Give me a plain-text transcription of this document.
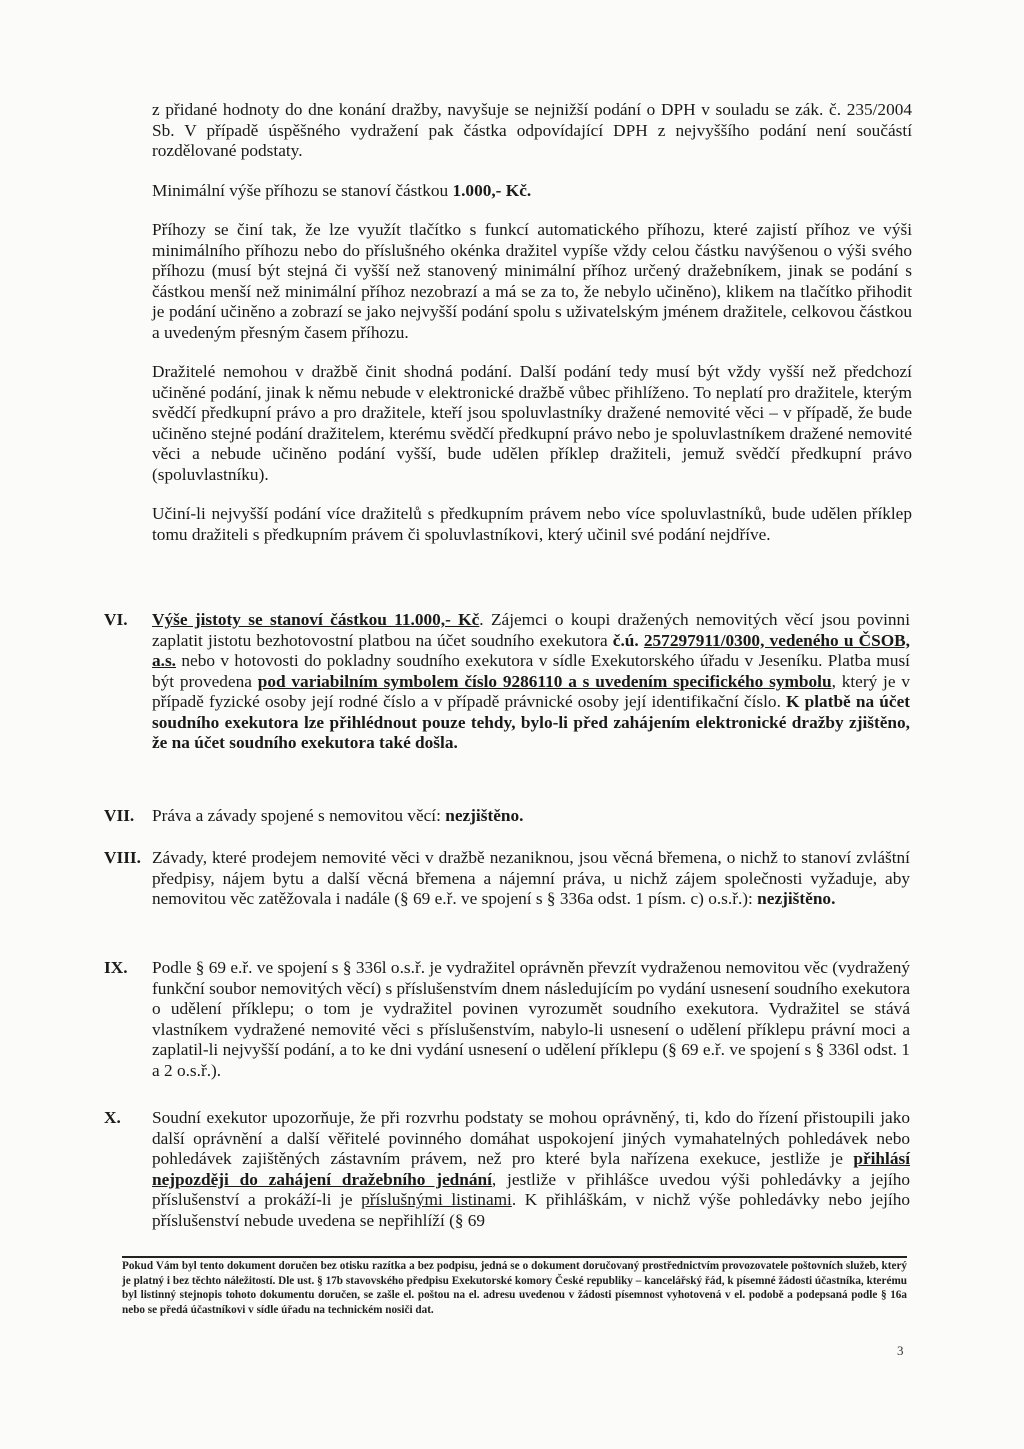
z přidané hodnoty do dne konání dražby, navyšuje se nejnižší podání o DPH v souladu se zák. č. 235/2004 Sb. V případě úspěšného vydražení pak částka odpovídající DPH z nejvyššího podání není součástí rozdělované podstaty.

Minimální výše příhozu se stanoví částkou 1.000,- Kč.

Příhozy se činí tak, že lze využít tlačítko s funkcí automatického příhozu, které zajistí příhoz ve výši minimálního příhozu nebo do příslušného okénka dražitel vypíše vždy celou částku navýšenou o výši svého příhozu (musí být stejná či vyšší než stanovený minimální příhoz určený dražebníkem, jinak se podání s částkou menší než minimální příhoz nezobrazí a má se za to, že nebylo učiněno), klikem na tlačítko přihodit je podání učiněno a zobrazí se jako nejvyšší podání spolu s uživatelským jménem dražitele, celkovou částkou a uvedeným přesným časem příhozu.

Dražitelé nemohou v dražbě činit shodná podání. Další podání tedy musí být vždy vyšší než předchozí učiněné podání, jinak k němu nebude v elektronické dražbě vůbec přihlíženo. To neplatí pro dražitele, kterým svědčí předkupní právo a pro dražitele, kteří jsou spoluvlastníky dražené nemovité věci – v případě, že bude učiněno stejné podání dražitelem, kterému svědčí předkupní právo nebo je spoluvlastníkem dražené nemovité věci a nebude učiněno podání vyšší, bude udělen příklep dražiteli, jemuž svědčí předkupní právo (spoluvlastníku).

Učiní-li nejvyšší podání více dražitelů s předkupním právem nebo více spoluvlastníků, bude udělen příklep tomu dražiteli s předkupním právem či spoluvlastníkovi, který učinil své podání nejdříve.

VI. Výše jistoty se stanoví částkou 11.000,- Kč. Zájemci o koupi dražených nemovitých věcí jsou povinni zaplatit jistotu bezhotovostní platbou na účet soudního exekutora č.ú. 257297911/0300, vedeného u ČSOB, a.s. nebo v hotovosti do pokladny soudního exekutora v sídle Exekutorského úřadu v Jeseníku. Platba musí být provedena pod variabilním symbolem číslo 9286110 a s uvedením specifického symbolu, který je v případě fyzické osoby její rodné číslo a v případě právnické osoby její identifikační číslo. K platbě na účet soudního exekutora lze přihlédnout pouze tehdy, bylo-li před zahájením elektronické dražby zjištěno, že na účet soudního exekutora také došla.
VII. Práva a závady spojené s nemovitou věcí: nezjištěno.
VIII. Závady, které prodejem nemovité věci v dražbě nezaniknou, jsou věcná břemena, o nichž to stanoví zvláštní předpisy, nájem bytu a další věcná břemena a nájemní práva, u nichž zájem společnosti vyžaduje, aby nemovitou věc zatěžovala i nadále (§ 69 e.ř. ve spojení s § 336a odst. 1 písm. c) o.s.ř.): nezjištěno.
IX. Podle § 69 e.ř. ve spojení s § 336l o.s.ř. je vydražitel oprávněn převzít vydraženou nemovitou věc (vydražený funkční soubor nemovitých věcí) s příslušenstvím dnem následujícím po vydání usnesení soudního exekutora o udělení příklepu; o tom je vydražitel povinen vyrozumět soudního exekutora. Vydražitel se stává vlastníkem vydražené nemovité věci s příslušenstvím, nabylo-li usnesení o udělení příklepu právní moci a zaplatil-li nejvyšší podání, a to ke dni vydání usnesení o udělení příklepu (§ 69 e.ř. ve spojení s § 336l odst. 1 a 2 o.s.ř.).
X. Soudní exekutor upozorňuje, že při rozvrhu podstaty se mohou oprávněný, ti, kdo do řízení přistoupili jako další oprávnění a další věřitelé povinného domáhat uspokojení jiných vymahatelných pohledávek nebo pohledávek zajištěných zástavním právem, než pro které byla nařízena exekuce, jestliže je přihlásí nejpozději do zahájení dražebního jednání, jestliže v přihlášce uvedou výši pohledávky a jejího příslušenství a prokáží-li je příslušnými listinami. K přihláškám, v nichž výše pohledávky nebo jejího příslušenství nebude uvedena se nepřihlíží (§ 69
Pokud Vám byl tento dokument doručen bez otisku razítka a bez podpisu, jedná se o dokument doručovaný prostřednictvím provozovatele poštovních služeb, který je platný i bez těchto náležitostí. Dle ust. § 17b stavovského předpisu Exekutorské komory České republiky – kancelářský řád, k písemné žádosti účastníka, kterému byl listinný stejnopis tohoto dokumentu doručen, se zašle el. poštou na el. adresu uvedenou v žádosti písemnost vyhotovená v el. podobě a podepsaná podle § 16a nebo se předá účastníkovi v sídle úřadu na technickém nosiči dat.
3
